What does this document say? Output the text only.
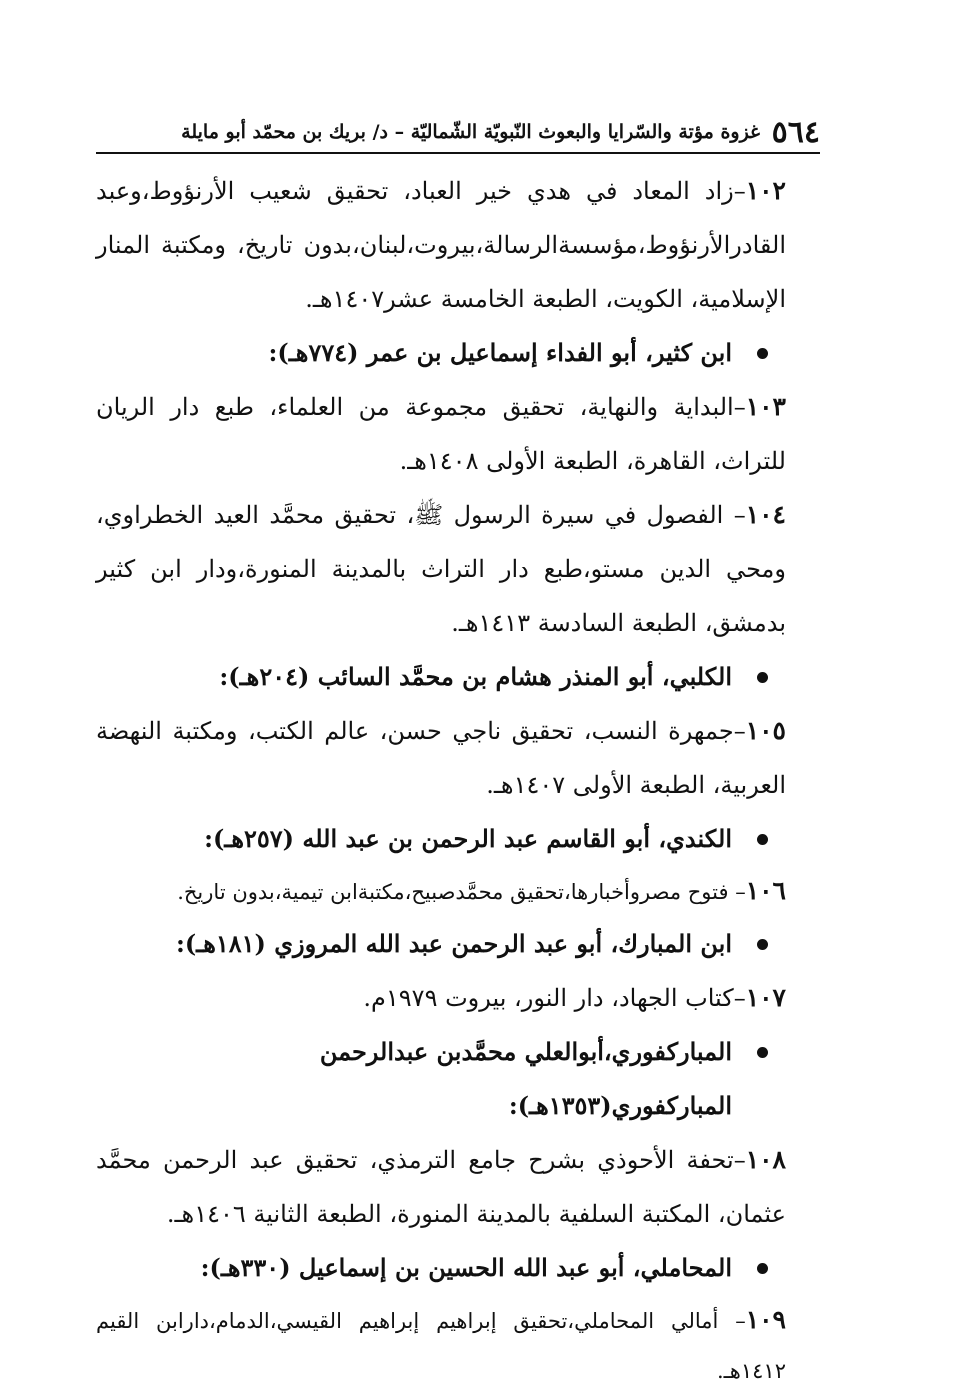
٥٦٤
غزوة مؤتة والسّرايا والبعوث النّبويّة الشّماليّة – د/ بريك بن محمّد أبو مايلة
١٠٢–زاد المعاد في هدي خير العباد، تحقيق شعيب الأرنؤوط،وعبد القادرالأرنؤوط،مؤسسةالرسالة،بيروت،لبنان،بدون تاريخ، ومكتبة المنار الإسلامية، الكويت، الطبعة الخامسة عشر١٤٠٧هـ.
ابن كثير، أبو الفداء إسماعيل بن عمر (٧٧٤هـ):
١٠٣–البداية والنهاية، تحقيق مجموعة من العلماء، طبع دار الريان للتراث، القاهرة، الطبعة الأولى ١٤٠٨هـ.
١٠٤– الفصول في سيرة الرسول ﷺ، تحقيق محمَّد العيد الخطراوي، ومحي الدين مستو،طبع دار التراث بالمدينة المنورة،ودار ابن كثير بدمشق، الطبعة السادسة ١٤١٣هـ.
الكلبي، أبو المنذر هشام بن محمَّد السائب (٢٠٤هـ):
١٠٥–جمهرة النسب، تحقيق ناجي حسن، عالم الكتب، ومكتبة النهضة العربية، الطبعة الأولى ١٤٠٧هـ.
الكندي، أبو القاسم عبد الرحمن بن عبد الله (٢٥٧هـ):
١٠٦– فتوح مصروأخبارها،تحقيق محمَّدصبيح،مكتبةابن تيمية،بدون تاريخ.
ابن المبارك، أبو عبد الرحمن عبد الله المروزي (١٨١هـ):
١٠٧–كتاب الجهاد، دار النور، بيروت ١٩٧٩م.
المباركفوري،أبوالعلي محمَّدبن عبدالرحمن المباركفوري(١٣٥٣هـ):
١٠٨–تحفة الأحوذي بشرح جامع الترمذي، تحقيق عبد الرحمن محمَّد عثمان، المكتبة السلفية بالمدينة المنورة، الطبعة الثانية ١٤٠٦هـ.
المحاملي، أبو عبد الله الحسين بن إسماعيل (٣٣٠هـ):
١٠٩– أمالي المحاملي،تحقيق إبراهيم إبراهيم القيسي،الدمام،دارابن القيم ١٤١٢هـ.
